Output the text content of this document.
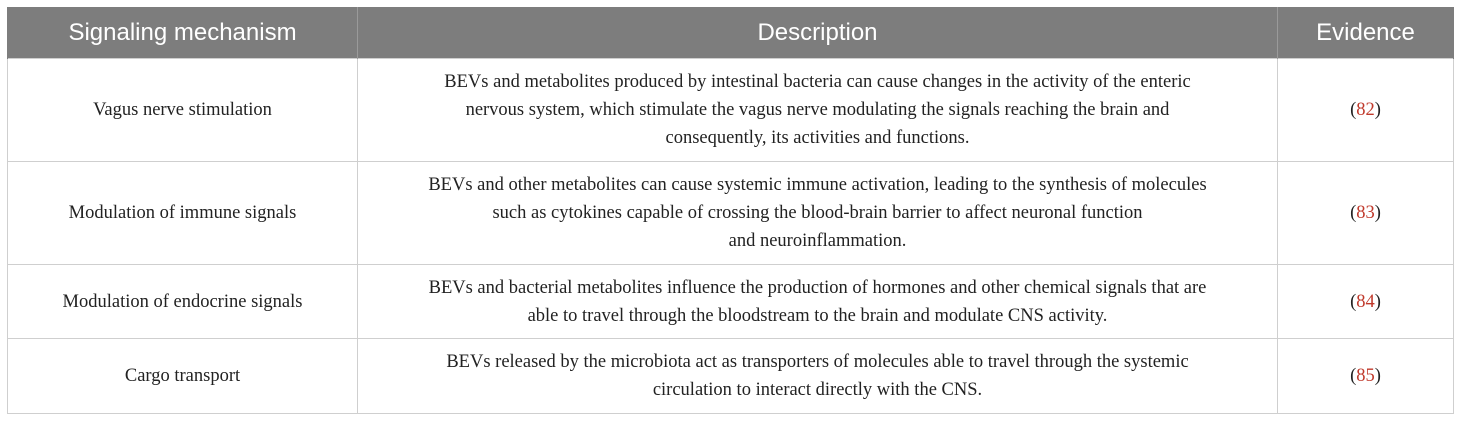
Signaling mechanism	Description	Evidence
Vagus nerve stimulation	BEVs and metabolites produced by intestinal bacteria can cause changes in the activity of the enteric
nervous system, which stimulate the vagus nerve modulating the signals reaching the brain and
consequently, its activities and functions.	(82)
Modulation of immune signals	BEVs and other metabolites can cause systemic immune activation, leading to the synthesis of molecules
such as cytokines capable of crossing the blood-brain barrier to affect neuronal function
and neuroinflammation.	(83)
Modulation of endocrine signals	BEVs and bacterial metabolites influence the production of hormones and other chemical signals that are
able to travel through the bloodstream to the brain and modulate CNS activity.	(84)
Cargo transport	BEVs released by the microbiota act as transporters of molecules able to travel through the systemic
circulation to interact directly with the CNS.	(85)
